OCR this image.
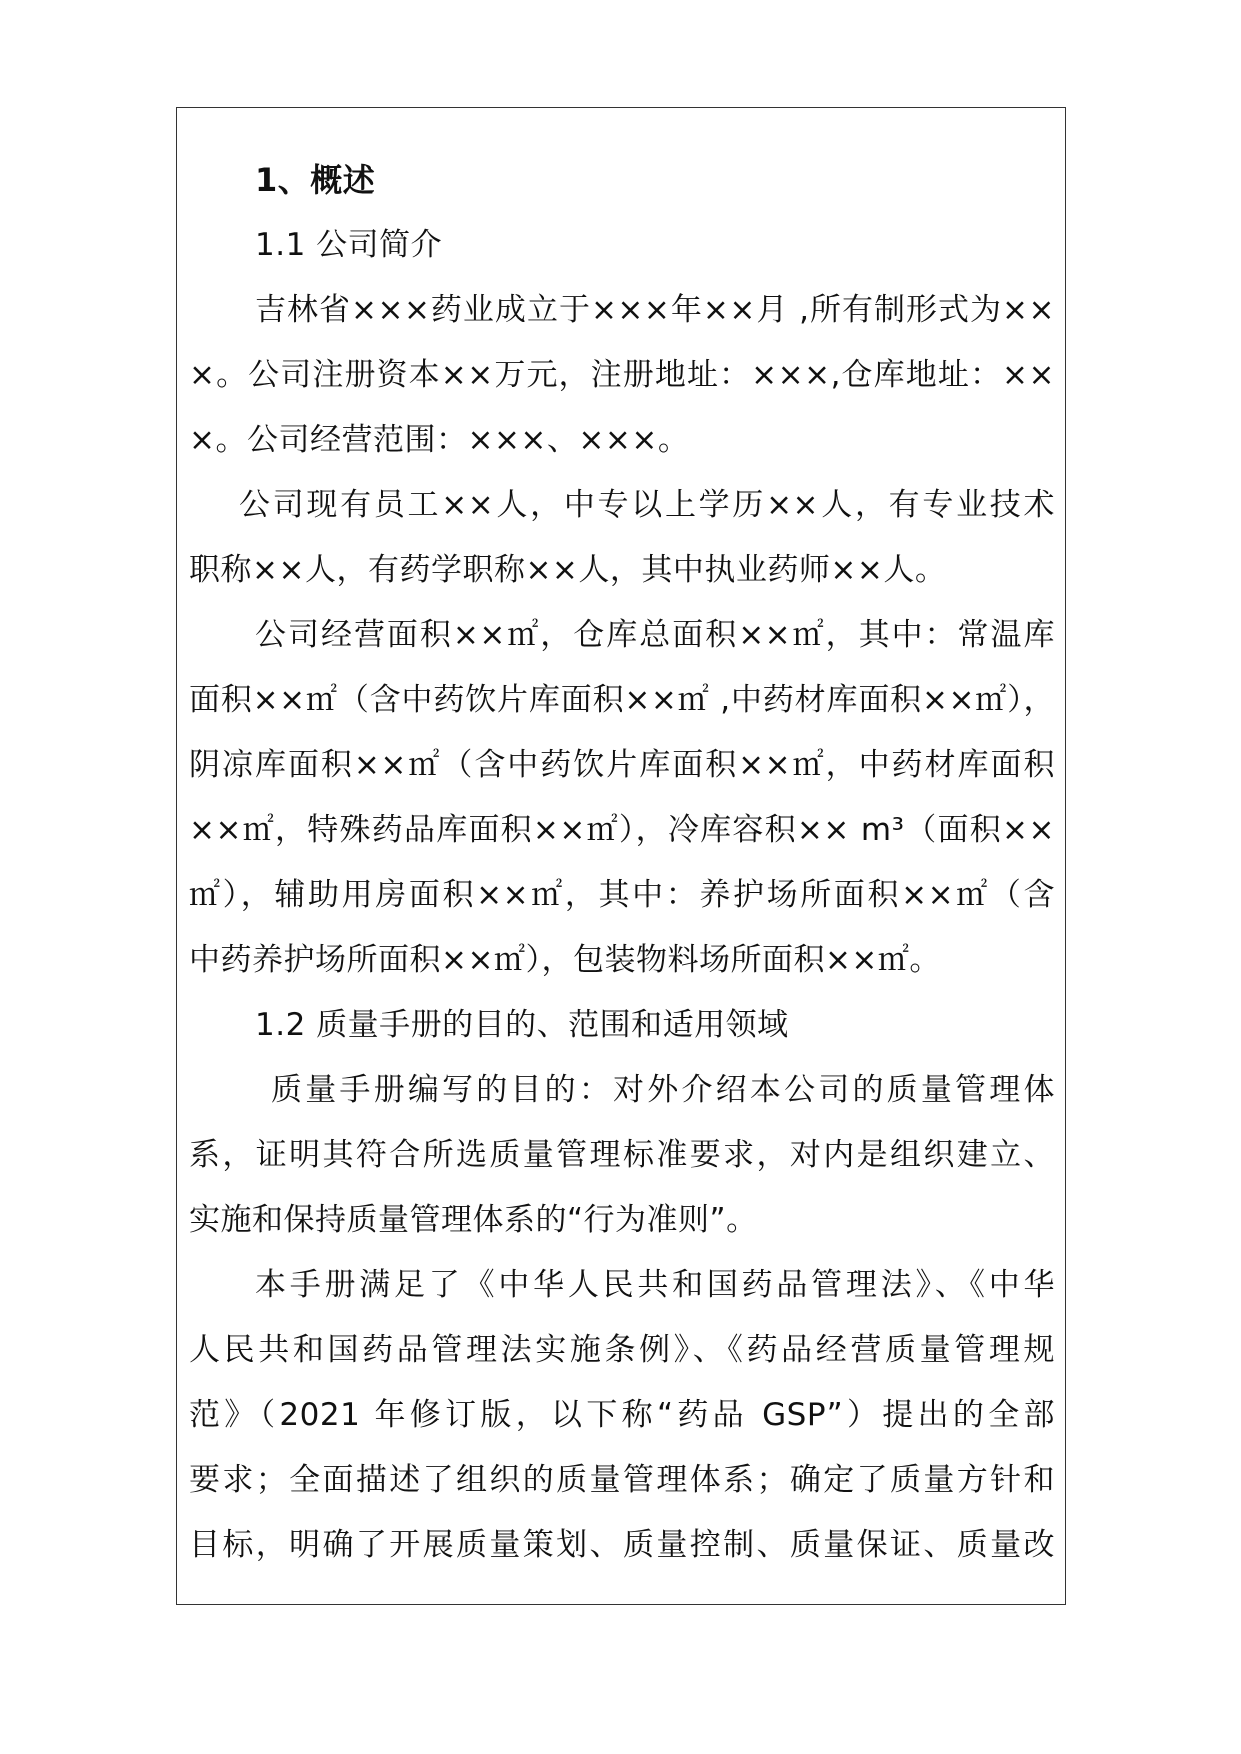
1、概述
1.1 公司简介
吉林省×××药业成立于×××年××月 ,所有制形式为××
×。公司注册资本××万元，注册地址：×××,仓库地址：××
×。公司经营范围：×××、×××。
公司现有员工××人，中专以上学历××人，有专业技术
职称××人，有药学职称××人，其中执业药师××人。
公司经营面积××㎡，仓库总面积××㎡，其中：常温库
面积××㎡（含中药饮片库面积××㎡ ,中药材库面积××㎡），
阴凉库面积××㎡（含中药饮片库面积××㎡，中药材库面积
××㎡，特殊药品库面积××㎡），冷库容积×× m³（面积××
㎡），辅助用房面积××㎡，其中：养护场所面积××㎡（含
中药养护场所面积××㎡），包装物料场所面积××㎡。
1.2 质量手册的目的、范围和适用领域
质量手册编写的目的：对外介绍本公司的质量管理体
系，证明其符合所选质量管理标准要求，对内是组织建立、
实施和保持质量管理体系的“行为准则”。
本手册满足了《中华人民共和国药品管理法》、《中华
人民共和国药品管理法实施条例》、《药品经营质量管理规
范》（2021 年修订版，以下称“药品 GSP”）提出的全部
要求；全面描述了组织的质量管理体系；确定了质量方针和
目标，明确了开展质量策划、质量控制、质量保证、质量改
